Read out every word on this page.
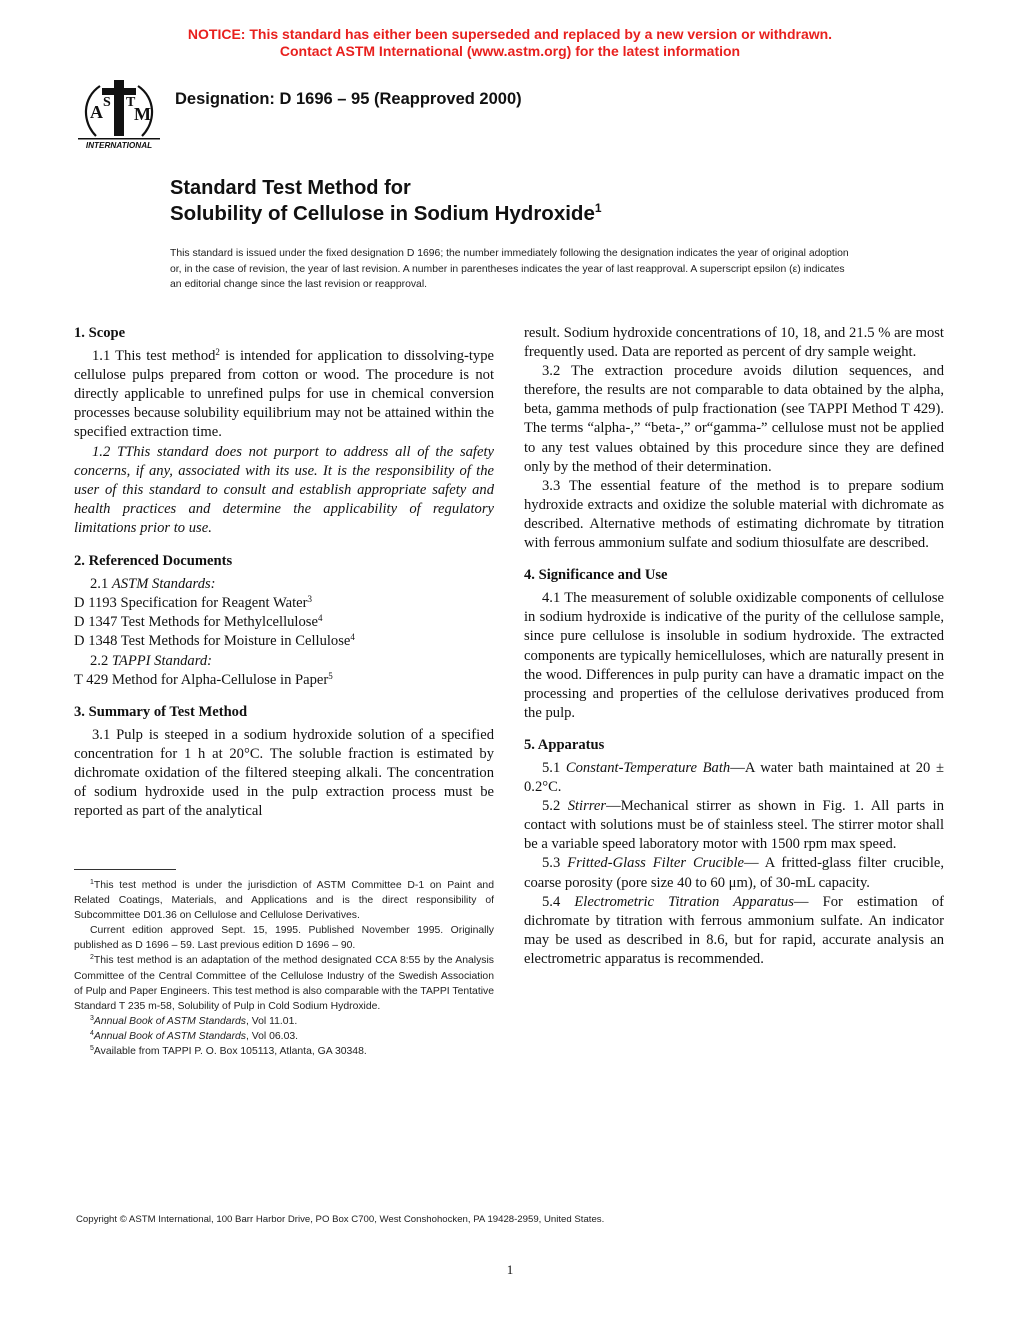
NOTICE: This standard has either been superseded and replaced by a new version or withdrawn.
Contact ASTM International (www.astm.org) for the latest information
A S T
M
INTERNATIONAL
Designation: D 1696 – 95 (Reapproved 2000)
Standard Test Method for
Solubility of Cellulose in Sodium Hydroxide$^1$
This standard is issued under the fixed designation D 1696; the number immediately following the designation indicates the year of original adoption or, in the case of revision, the year of last revision. A number in parentheses indicates the year of last reapproval. A superscript epsilon (ε) indicates an editorial change since the last revision or reapproval.
1. Scope

1.1 This test method$^2$ is intended for application to dissolving-type cellulose pulps prepared from cotton or wood. The procedure is not directly applicable to unrefined pulps for use in chemical conversion processes because solubility equilibrium may not be attained within the specified extraction time.

1.2 TThis standard does not purport to address all of the safety concerns, if any, associated with its use. It is the responsibility of the user of this standard to consult and establish appropriate safety and health practices and determine the applicability of regulatory limitations prior to use.

2. Referenced Documents
2.1 ASTM Standards:
D 1193 Specification for Reagent Water$^3$
D 1347 Test Methods for Methylcellulose$^4$
D 1348 Test Methods for Moisture in Cellulose$^4$
2.2 TAPPI Standard:
T 429 Method for Alpha-Cellulose in Paper$^5$
3. Summary of Test Method

3.1 Pulp is steeped in a sodium hydroxide solution of a specified concentration for 1 h at 20°C. The soluble fraction is estimated by dichromate oxidation of the filtered steeping alkali. The concentration of sodium hydroxide used in the pulp extraction process must be reported as part of the analytical

result. Sodium hydroxide concentrations of 10, 18, and 21.5 % are most frequently used. Data are reported as percent of dry sample weight.

3.2 The extraction procedure avoids dilution sequences, and therefore, the results are not comparable to data obtained by the alpha, beta, gamma methods of pulp fractionation (see TAPPI Method T 429). The terms “alpha-,” “beta-,” or“gamma-” cellulose must not be applied to any test values obtained by this procedure since they are defined only by the method of their determination.

3.3 The essential feature of the method is to prepare sodium hydroxide extracts and oxidize the soluble material with dichromate as described. Alternative methods of estimating dichromate by titration with ferrous ammonium sulfate and sodium thiosulfate are described.

4. Significance and Use

4.1 The measurement of soluble oxidizable components of cellulose in sodium hydroxide is indicative of the purity of the cellulose sample, since pure cellulose is insoluble in sodium hydroxide. The extracted components are typically hemicelluloses, which are naturally present in the wood. Differences in pulp purity can have a dramatic impact on the processing and properties of the cellulose derivatives produced from the pulp.

5. Apparatus

5.1 Constant-Temperature Bath—A water bath maintained at 20 ± 0.2°C.

5.2 Stirrer—Mechanical stirrer as shown in Fig. 1. All parts in contact with solutions must be of stainless steel. The stirrer motor shall be a variable speed laboratory motor with 1500 rpm max speed.

5.3 Fritted-Glass Filter Crucible— A fritted-glass filter crucible, coarse porosity (pore size 40 to 60 μm), of 30-mL capacity.

5.4 Electrometric Titration Apparatus— For estimation of dichromate by titration with ferrous ammonium sulfate. An indicator may be used as described in 8.6, but for rapid, accurate analysis an electrometric apparatus is recommended.

$^1$This test method is under the jurisdiction of ASTM Committee D-1 on Paint and Related Coatings, Materials, and Applications and is the direct responsibility of Subcommittee D01.36 on Cellulose and Cellulose Derivatives.

Current edition approved Sept. 15, 1995. Published November 1995. Originally published as D 1696 – 59. Last previous edition D 1696 – 90.

$^2$This test method is an adaptation of the method designated CCA 8:55 by the Analysis Committee of the Central Committee of the Cellulose Industry of the Swedish Association of Pulp and Paper Engineers. This test method is also comparable with the TAPPI Tentative Standard T 235 m-58, Solubility of Pulp in Cold Sodium Hydroxide.

$^3$Annual Book of ASTM Standards, Vol 11.01.

$^4$Annual Book of ASTM Standards, Vol 06.03.

$^5$Available from TAPPI P. O. Box 105113, Atlanta, GA 30348.

Copyright © ASTM International, 100 Barr Harbor Drive, PO Box C700, West Conshohocken, PA 19428-2959, United States.
1
